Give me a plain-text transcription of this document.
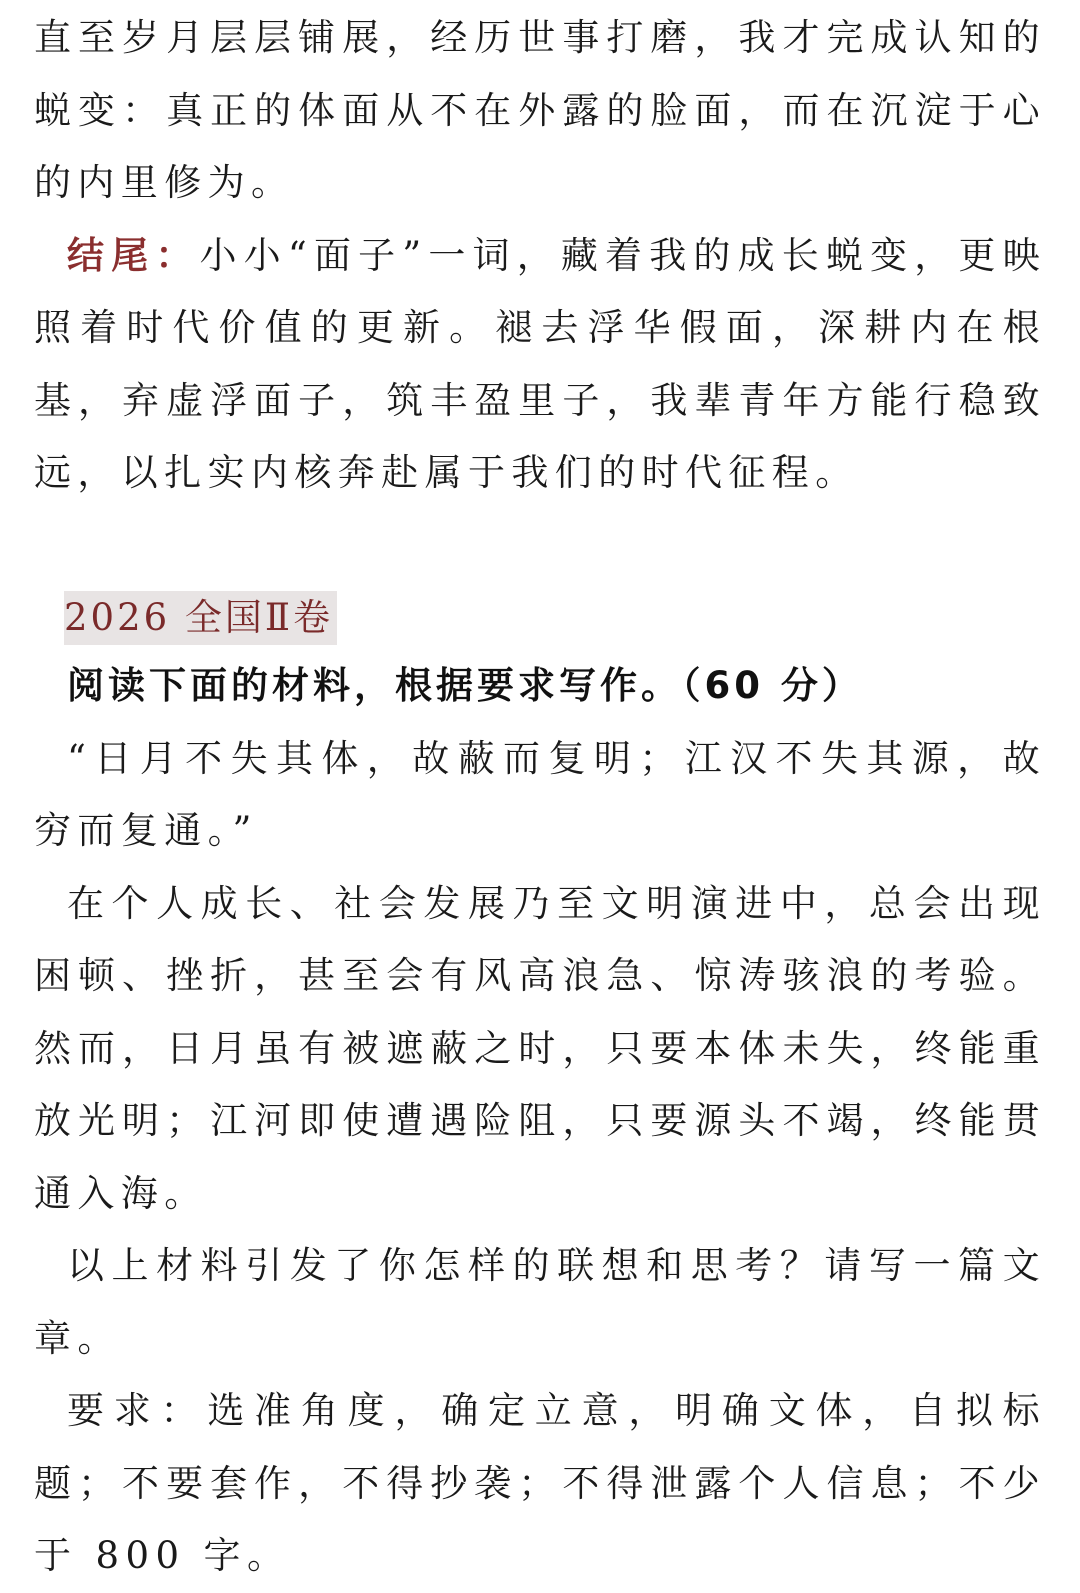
直至岁月层层铺展，经历世事打磨，我才完成认知的蜕变：真正的体面从不在外露的脸面，而在沉淀于心的内里修为。

结尾：小小“面子”一词，藏着我的成长蜕变，更映照着时代价值的更新。褪去浮华假面，深耕内在根基，弃虚浮面子，筑丰盈里子，我辈青年方能行稳致远，以扎实内核奔赴属于我们的时代征程。

2026 全国Ⅱ卷

阅读下面的材料，根据要求写作。（60 分）

“日月不失其体，故蔽而复明；江汉不失其源，故穷而复通。”

在个人成长、社会发展乃至文明演进中，总会出现困顿、挫折，甚至会有风高浪急、惊涛骇浪的考验。然而，日月虽有被遮蔽之时，只要本体未失，终能重放光明；江河即使遭遇险阻，只要源头不竭，终能贯通入海。

以上材料引发了你怎样的联想和思考？请写一篇文章。

要求：选准角度，确定立意，明确文体，自拟标题；不要套作，不得抄袭；不得泄露个人信息；不少于 800 字。
